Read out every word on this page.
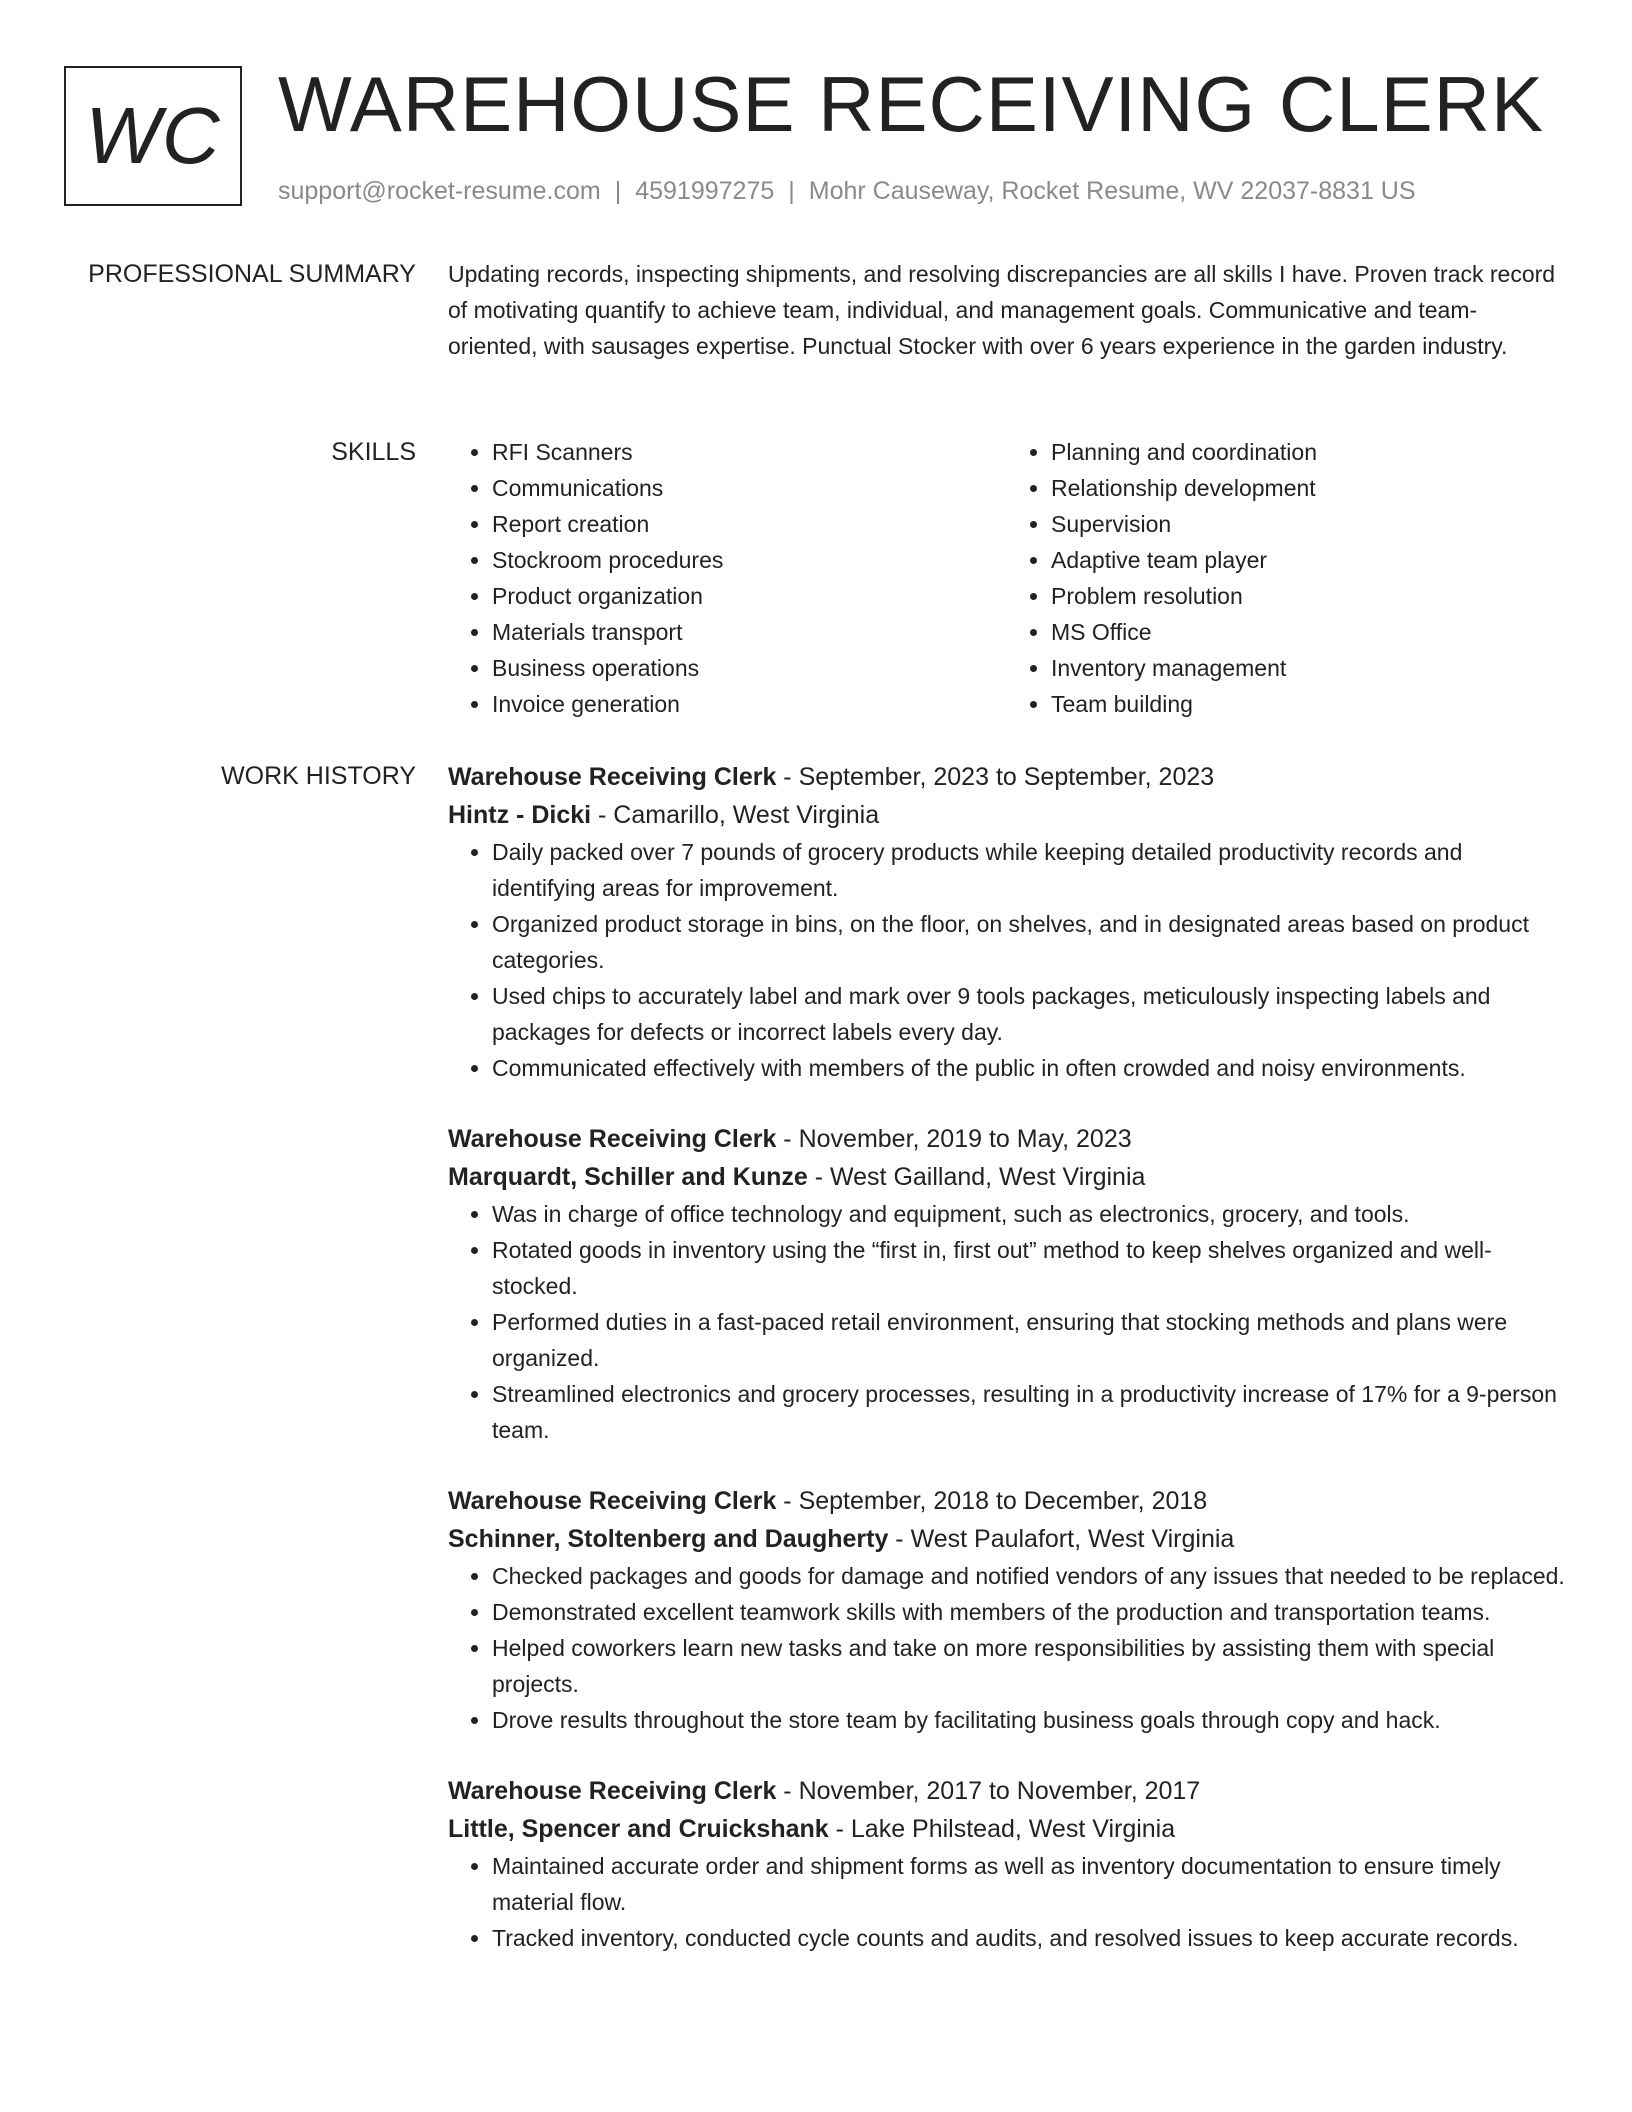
WC WAREHOUSE RECEIVING CLERK
support@rocket-resume.com | 4591997275 | Mohr Causeway, Rocket Resume, WV 22037-8831 US
PROFESSIONAL SUMMARY Updating records, inspecting shipments, and resolving discrepancies are all skills I have. Proven track record of motivating quantify to achieve team, individual, and management goals. Communicative and team-oriented, with sausages expertise. Punctual Stocker with over 6 years experience in the garden industry.

SKILLS
•	RFI Scanners
• Communications
• Report creation
• Stockroom procedures
• Product organization
• Materials transport
• Business operations
• Invoice generation
• Planning and coordination
• Relationship development
• Supervision
• Adaptive team player
• Problem resolution
• MS Office
• Inventory management
• Team building
WORK HISTORY Warehouse Receiving Clerk - September, 2023 to September, 2023
Hintz - Dicki - Camarillo, West Virginia
• Daily packed over 7 pounds of grocery products while keeping detailed productivity records and identifying areas for improvement.
• Organized product storage in bins, on the floor, on shelves, and in designated areas based on product categories.
• Used chips to accurately label and mark over 9 tools packages, meticulously inspecting labels and packages for defects or incorrect labels every day.
• Communicated effectively with members of the public in often crowded and noisy environments.
Warehouse Receiving Clerk - November, 2019 to May, 2023
Marquardt, Schiller and Kunze - West Gailland, West Virginia
• Was in charge of office technology and equipment, such as electronics, grocery, and tools.
• Rotated goods in inventory using the “first in, first out” method to keep shelves organized and well-stocked.
• Performed duties in a fast-paced retail environment, ensuring that stocking methods and plans were organized.
• Streamlined electronics and grocery processes, resulting in a productivity increase of 17% for a 9-person team.
Warehouse Receiving Clerk - September, 2018 to December, 2018
Schinner, Stoltenberg and Daugherty - West Paulafort, West Virginia
• Checked packages and goods for damage and notified vendors of any issues that needed to be replaced.
• Demonstrated excellent teamwork skills with members of the production and transportation teams.
• Helped coworkers learn new tasks and take on more responsibilities by assisting them with special projects.
• Drove results throughout the store team by facilitating business goals through copy and hack.
Warehouse Receiving Clerk - November, 2017 to November, 2017
Little, Spencer and Cruickshank - Lake Philstead, West Virginia
• Maintained accurate order and shipment forms as well as inventory documentation to ensure timely material flow.
• Tracked inventory, conducted cycle counts and audits, and resolved issues to keep accurate records.
